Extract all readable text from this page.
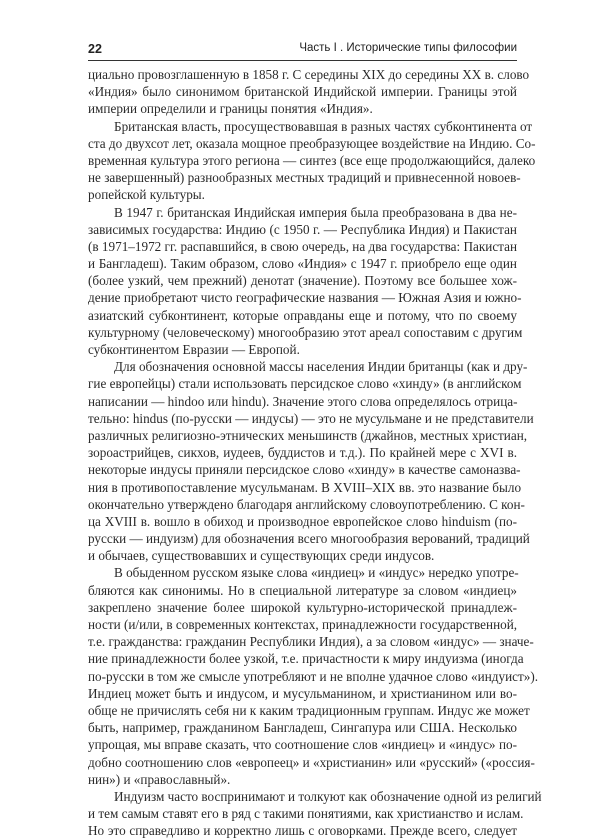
22	Часть I . Исторические типы философии
циально провозглашенную в 1858 г. С середины XIX до середины XX в. слово
«Индия» было синонимом британской Индийской империи. Границы этой
империи определили и границы понятия «Индия».
Британская власть, просуществовавшая в разных частях субконтинента от
ста до двухсот лет, оказала мощное преобразующее воздействие на Индию. Со-
временная культура этого региона — синтез (все еще продолжающийся, далеко
не завершенный) разнообразных местных традиций и привнесенной новоев-
ропейской культуры.
В 1947 г. британская Индийская империя была преобразована в два не-
зависимых государства: Индию (с 1950 г. — Республика Индия) и Пакистан
(в 1971–1972 гг. распавшийся, в свою очередь, на два государства: Пакистан
и Бангладеш). Таким образом, слово «Индия» с 1947 г. приобрело еще один
(более узкий, чем прежний) денотат (значение). Поэтому все большее хож-
дение приобретают чисто географические названия — Южная Азия и южно-
азиатский субконтинент, которые оправданы еще и потому, что по своему
культурному (человеческому) многообразию этот ареал сопоставим с другим
субконтинентом Евразии — Европой.
Для обозначения основной массы населения Индии британцы (как и дру-
гие европейцы) стали использовать персидское слово «хинду» (в английском
написании — hindoo или hindu). Значение этого слова определялось отрица-
тельно: hindus (по-русски — индусы) — это не мусульмане и не представители
различных религиозно-этнических меньшинств (джайнов, местных христиан,
зороастрийцев, сикхов, иудеев, буддистов и т.д.). По крайней мере с XVI в.
некоторые индусы приняли персидское слово «хинду» в качестве самоназва-
ния в противопоставление мусульманам. В XVIII–XIX вв. это название было
окончательно утверждено благодаря английскому словоупотреблению. С кон-
ца XVIII в. вошло в обиход и производное европейское слово hinduism (по-
русски — индуизм) для обозначения всего многообразия верований, традиций
и обычаев, существовавших и существующих среди индусов.
В обыденном русском языке слова «индиец» и «индус» нередко употре-
бляются как синонимы. Но в специальной литературе за словом «индиец»
закреплено значение более широкой культурно-исторической принадлеж-
ности (и/или, в современных контекстах, принадлежности государственной,
т.е. гражданства: гражданин Республики Индия), а за словом «индус» — значе-
ние принадлежности более узкой, т.е. причастности к миру индуизма (иногда
по-русски в том же смысле употребляют и не вполне удачное слово «индуист»).
Индиец может быть и индусом, и мусульманином, и христианином или во-
обще не причислять себя ни к каким традиционным группам. Индус же может
быть, например, гражданином Бангладеш, Сингапура или США. Несколько
упрощая, мы вправе сказать, что соотношение слов «индиец» и «индус» по-
добно соотношению слов «европеец» и «христианин» или «русский» («россия-
нин») и «православный».
Индуизм часто воспринимают и толкуют как обозначение одной из религий
и тем самым ставят его в ряд с такими понятиями, как христианство и ислам.
Но это справедливо и корректно лишь с оговорками. Прежде всего, следует
